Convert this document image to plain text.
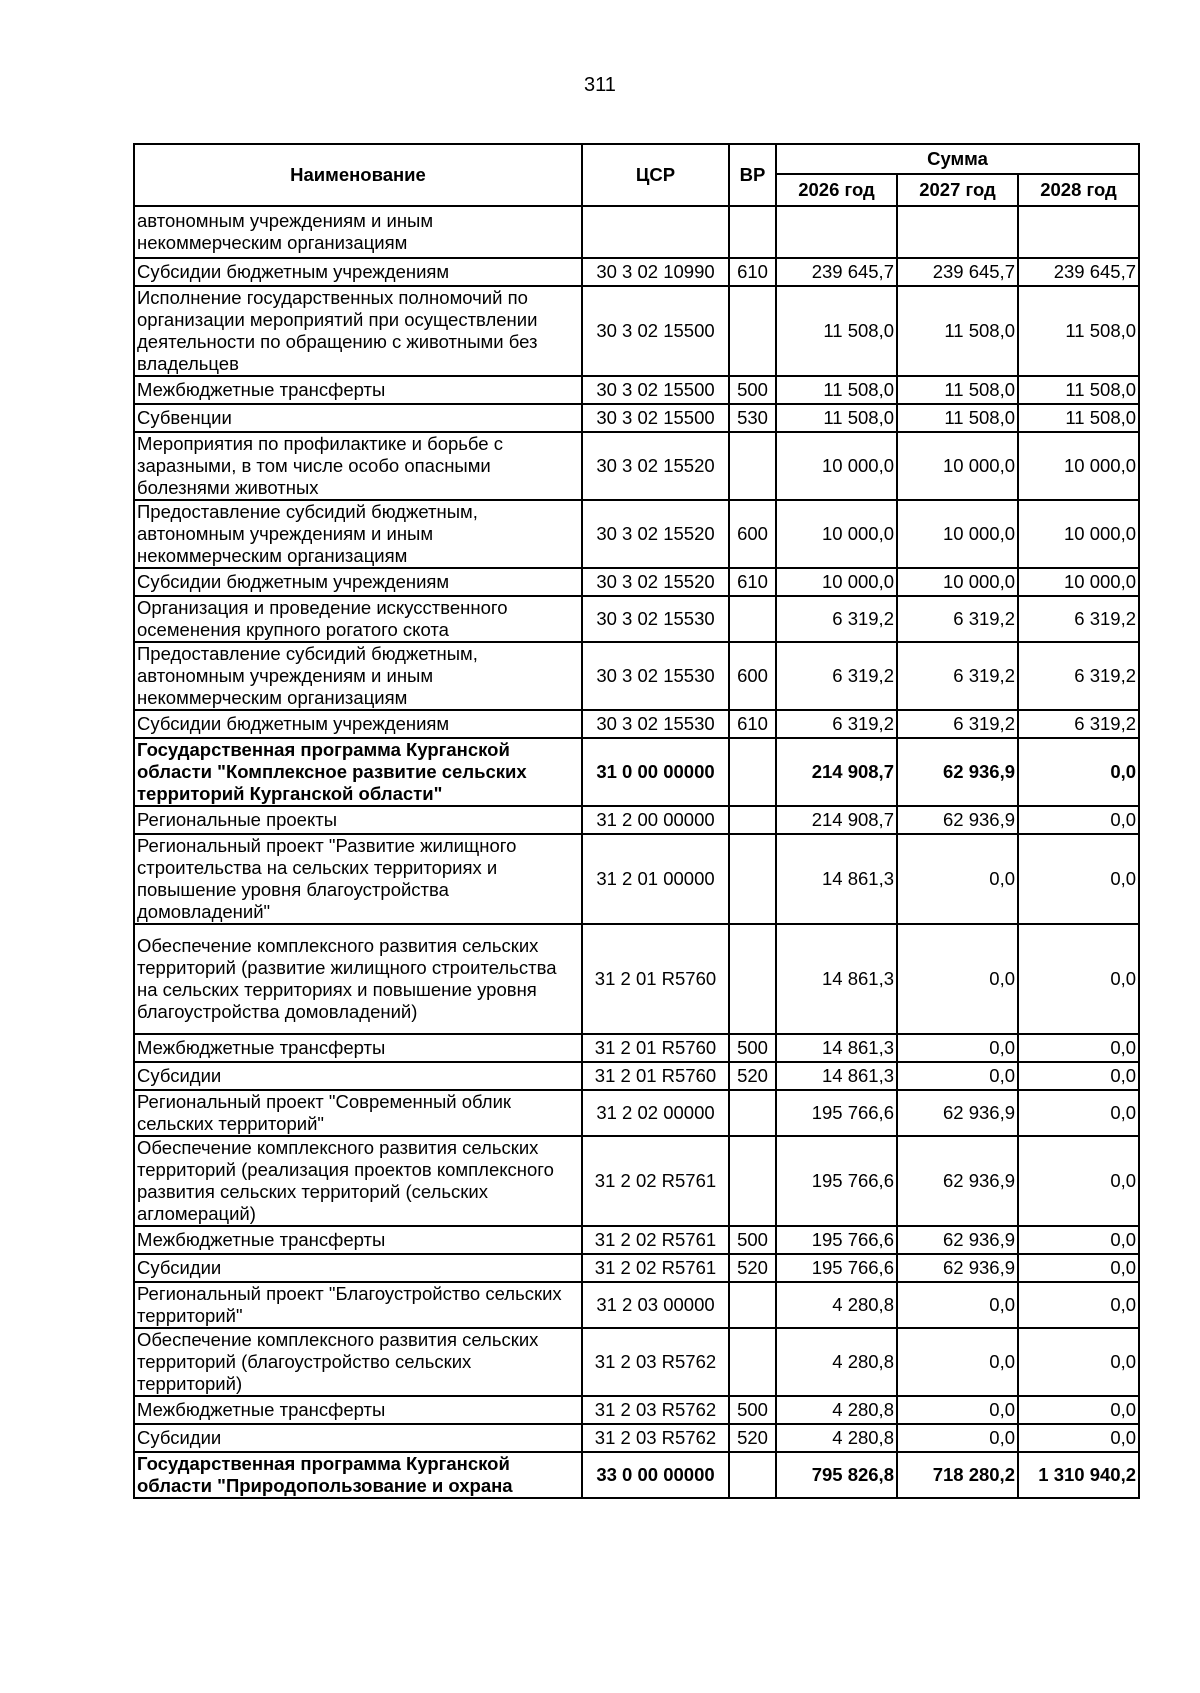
311
Наименование	ЦСР	ВР	Сумма		
			2026 год	2027 год	2028 год
автономным учреждениям и иным некоммерческим организациям					
Субсидии бюджетным учреждениям	30 3 02 10990	610	239 645,7	239 645,7	239 645,7
Исполнение государственных полномочий по организации мероприятий при осуществлении деятельности по обращению с животными без владельцев	30 3 02 15500		11 508,0	11 508,0	11 508,0
Межбюджетные трансферты	30 3 02 15500	500	11 508,0	11 508,0	11 508,0
Субвенции	30 3 02 15500	530	11 508,0	11 508,0	11 508,0
Мероприятия по профилактике и борьбе с заразными, в том числе особо опасными болезнями животных	30 3 02 15520		10 000,0	10 000,0	10 000,0
Предоставление субсидий бюджетным, автономным учреждениям и иным некоммерческим организациям	30 3 02 15520	600	10 000,0	10 000,0	10 000,0
Субсидии бюджетным учреждениям	30 3 02 15520	610	10 000,0	10 000,0	10 000,0
Организация и проведение искусственного осеменения крупного рогатого скота	30 3 02 15530		6 319,2	6 319,2	6 319,2
Предоставление субсидий бюджетным, автономным учреждениям и иным некоммерческим организациям	30 3 02 15530	600	6 319,2	6 319,2	6 319,2
Субсидии бюджетным учреждениям	30 3 02 15530	610	6 319,2	6 319,2	6 319,2
Государственная программа Курганской области "Комплексное развитие сельских территорий Курганской области"	31 0 00 00000		214 908,7	62 936,9	0,0
Региональные проекты	31 2 00 00000		214 908,7	62 936,9	0,0
Региональный проект "Развитие жилищного строительства на сельских территориях и повышение уровня благоустройства домовладений"	31 2 01 00000		14 861,3	0,0	0,0
Обеспечение комплексного развития сельских территорий (развитие жилищного строительства на сельских территориях и повышение уровня благоустройства домовладений)	31 2 01 R5760		14 861,3	0,0	0,0
Межбюджетные трансферты	31 2 01 R5760	500	14 861,3	0,0	0,0
Субсидии	31 2 01 R5760	520	14 861,3	0,0	0,0
Региональный проект "Современный облик сельских территорий"	31 2 02 00000		195 766,6	62 936,9	0,0
Обеспечение комплексного развития сельских территорий (реализация проектов комплексного развития сельских территорий (сельских агломераций)	31 2 02 R5761		195 766,6	62 936,9	0,0
Межбюджетные трансферты	31 2 02 R5761	500	195 766,6	62 936,9	0,0
Субсидии	31 2 02 R5761	520	195 766,6	62 936,9	0,0
Региональный проект "Благоустройство сельских территорий"	31 2 03 00000		4 280,8	0,0	0,0
Обеспечение комплексного развития сельских территорий (благоустройство сельских территорий)	31 2 03 R5762		4 280,8	0,0	0,0
Межбюджетные трансферты	31 2 03 R5762	500	4 280,8	0,0	0,0
Субсидии	31 2 03 R5762	520	4 280,8	0,0	0,0
Государственная программа Курганской области "Природопользование и охрана	33 0 00 00000		795 826,8	718 280,2	1 310 940,2
